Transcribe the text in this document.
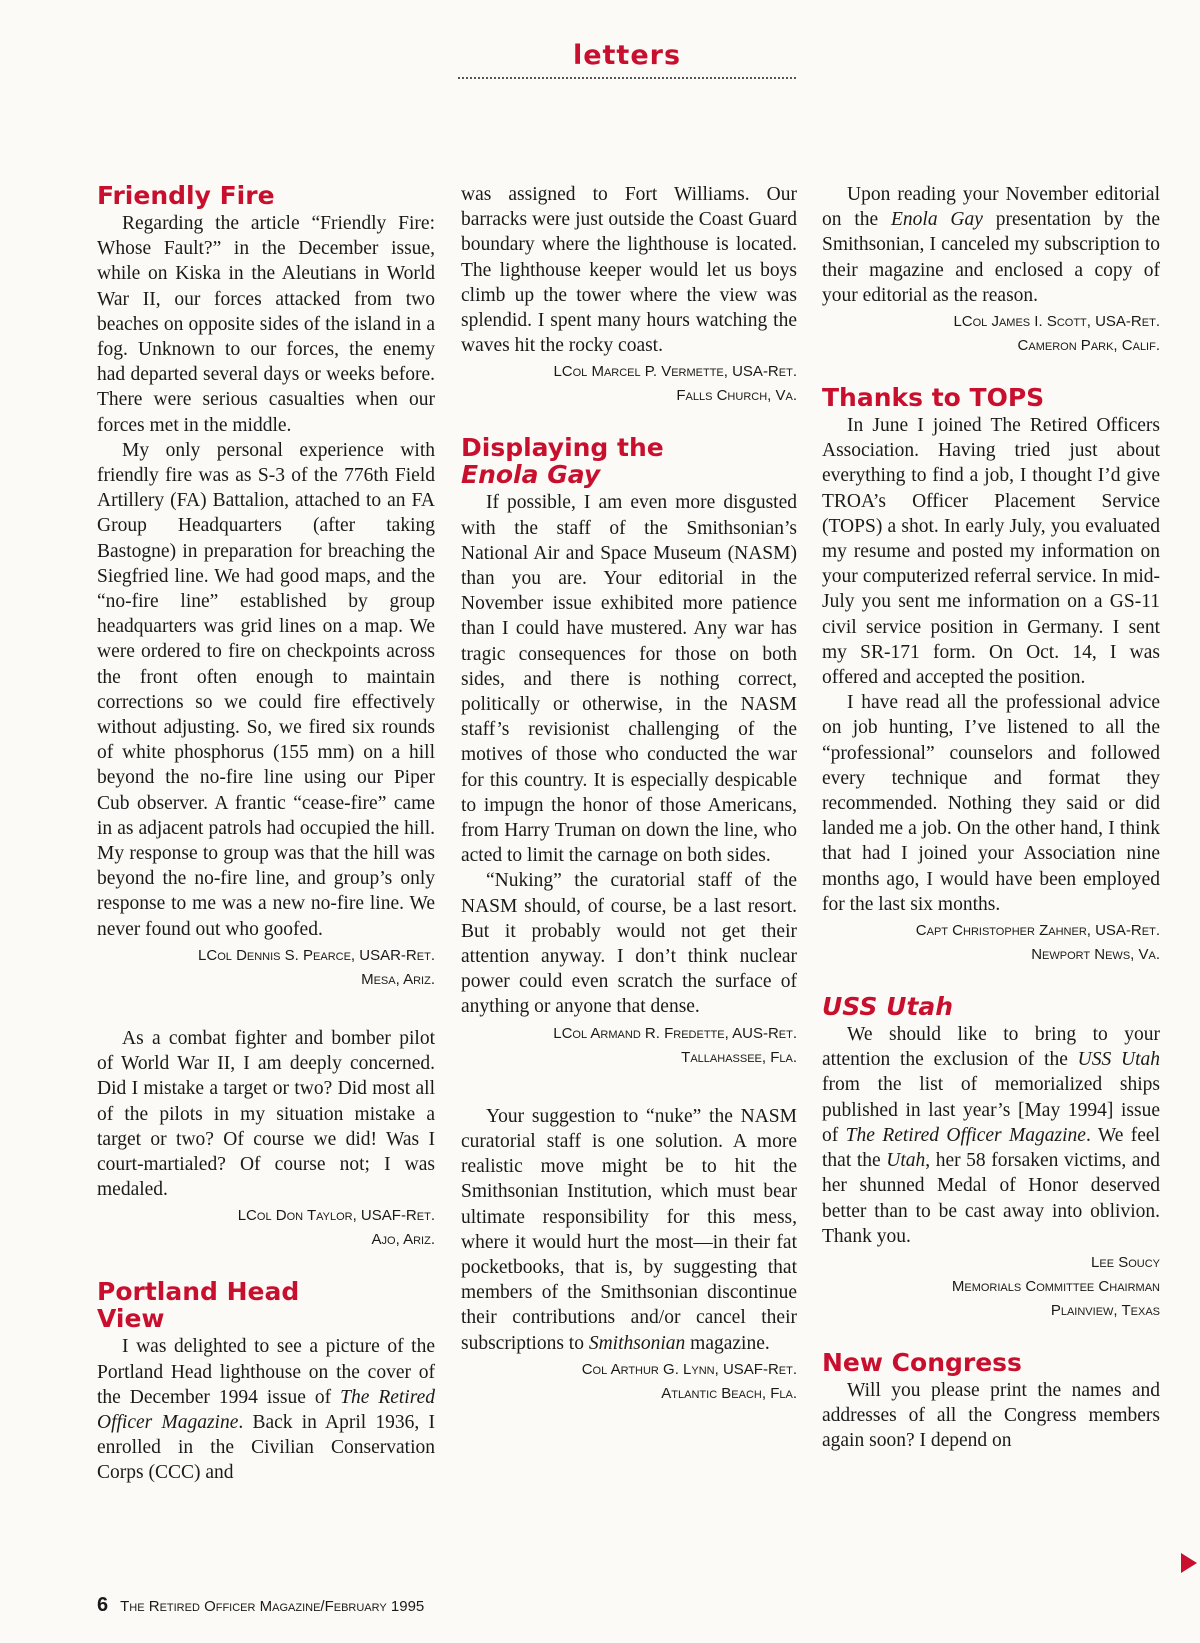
letters
Friendly Fire

Regarding the article “Friendly Fire: Whose Fault?” in the December issue, while on Kiska in the Aleutians in World War II, our forces attacked from two beaches on opposite sides of the island in a fog. Unknown to our forces, the enemy had departed several days or weeks before. There were serious casualties when our forces met in the middle.

My only personal experience with friendly fire was as S-3 of the 776th Field Artillery (FA) Battalion, attached to an FA Group Headquarters (after taking Bastogne) in preparation for breaching the Siegfried line. We had good maps, and the “no-fire line” established by group headquarters was grid lines on a map. We were ordered to fire on checkpoints across the front often enough to maintain corrections so we could fire effectively without adjusting. So, we fired six rounds of white phosphorus (155 mm) on a hill beyond the no-fire line using our Piper Cub observer. A frantic “cease-fire” came in as adjacent patrols had occupied the hill. My response to group was that the hill was beyond the no-fire line, and group’s only response to me was a new no-fire line. We never found out who goofed.

LCol Dennis S. Pearce, USAR-Ret.
Mesa, Ariz.

As a combat fighter and bomber pilot of World War II, I am deeply concerned. Did I mistake a target or two? Did most all of the pilots in my situation mistake a target or two? Of course we did! Was I court-martialed? Of course not; I was medaled.

LCol Don Taylor, USAF-Ret.
Ajo, Ariz.
Portland Head
View

I was delighted to see a picture of the Portland Head lighthouse on the cover of the December 1994 issue of The Retired Officer Magazine. Back in April 1936, I enrolled in the Civilian Conservation Corps (CCC) and

was assigned to Fort Williams. Our barracks were just outside the Coast Guard boundary where the lighthouse is located. The lighthouse keeper would let us boys climb up the tower where the view was splendid. I spent many hours watching the waves hit the rocky coast.

LCol Marcel P. Vermette, USA-Ret.
Falls Church, Va.
Displaying the
Enola Gay

If possible, I am even more disgusted with the staff of the Smithsonian’s National Air and Space Museum (NASM) than you are. Your editorial in the November issue exhibited more patience than I could have mustered. Any war has tragic consequences for those on both sides, and there is nothing correct, politically or otherwise, in the NASM staff’s revisionist challenging of the motives of those who conducted the war for this country. It is especially despicable to impugn the honor of those Americans, from Harry Truman on down the line, who acted to limit the carnage on both sides.

“Nuking” the curatorial staff of the NASM should, of course, be a last resort. But it probably would not get their attention anyway. I don’t think nuclear power could even scratch the surface of anything or anyone that dense.

LCol Armand R. Fredette, AUS-Ret.
Tallahassee, Fla.

Your suggestion to “nuke” the NASM curatorial staff is one solution. A more realistic move might be to hit the Smithsonian Institution, which must bear ultimate responsibility for this mess, where it would hurt the most—in their fat pocketbooks, that is, by suggesting that members of the Smithsonian discontinue their contributions and/or cancel their subscriptions to Smithsonian magazine.

Col Arthur G. Lynn, USAF-Ret.
Atlantic Beach, Fla.

Upon reading your November editorial on the Enola Gay presentation by the Smithsonian, I canceled my subscription to their magazine and enclosed a copy of your editorial as the reason.

LCol James I. Scott, USA-Ret.
Cameron Park, Calif.
Thanks to TOPS

In June I joined The Retired Officers Association. Having tried just about everything to find a job, I thought I’d give TROA’s Officer Placement Service (TOPS) a shot. In early July, you evaluated my resume and posted my information on your computerized referral service. In mid-July you sent me information on a GS-11 civil service position in Germany. I sent my SR-171 form. On Oct. 14, I was offered and accepted the position.

I have read all the professional advice on job hunting, I’ve listened to all the “professional” counselors and followed every technique and format they recommended. Nothing they said or did landed me a job. On the other hand, I think that had I joined your Association nine months ago, I would have been employed for the last six months.

Capt Christopher Zahner, USA-Ret.
Newport News, Va.
USS Utah

We should like to bring to your attention the exclusion of the USS Utah from the list of memorialized ships published in last year’s [May 1994] issue of The Retired Officer Magazine. We feel that the Utah, her 58 forsaken victims, and her shunned Medal of Honor deserved better than to be cast away into oblivion. Thank you.

Lee Soucy
Memorials Committee Chairman
Plainview, Texas
New Congress

Will you please print the names and addresses of all the Congress members again soon? I depend on

6 The Retired Officer Magazine/February 1995
